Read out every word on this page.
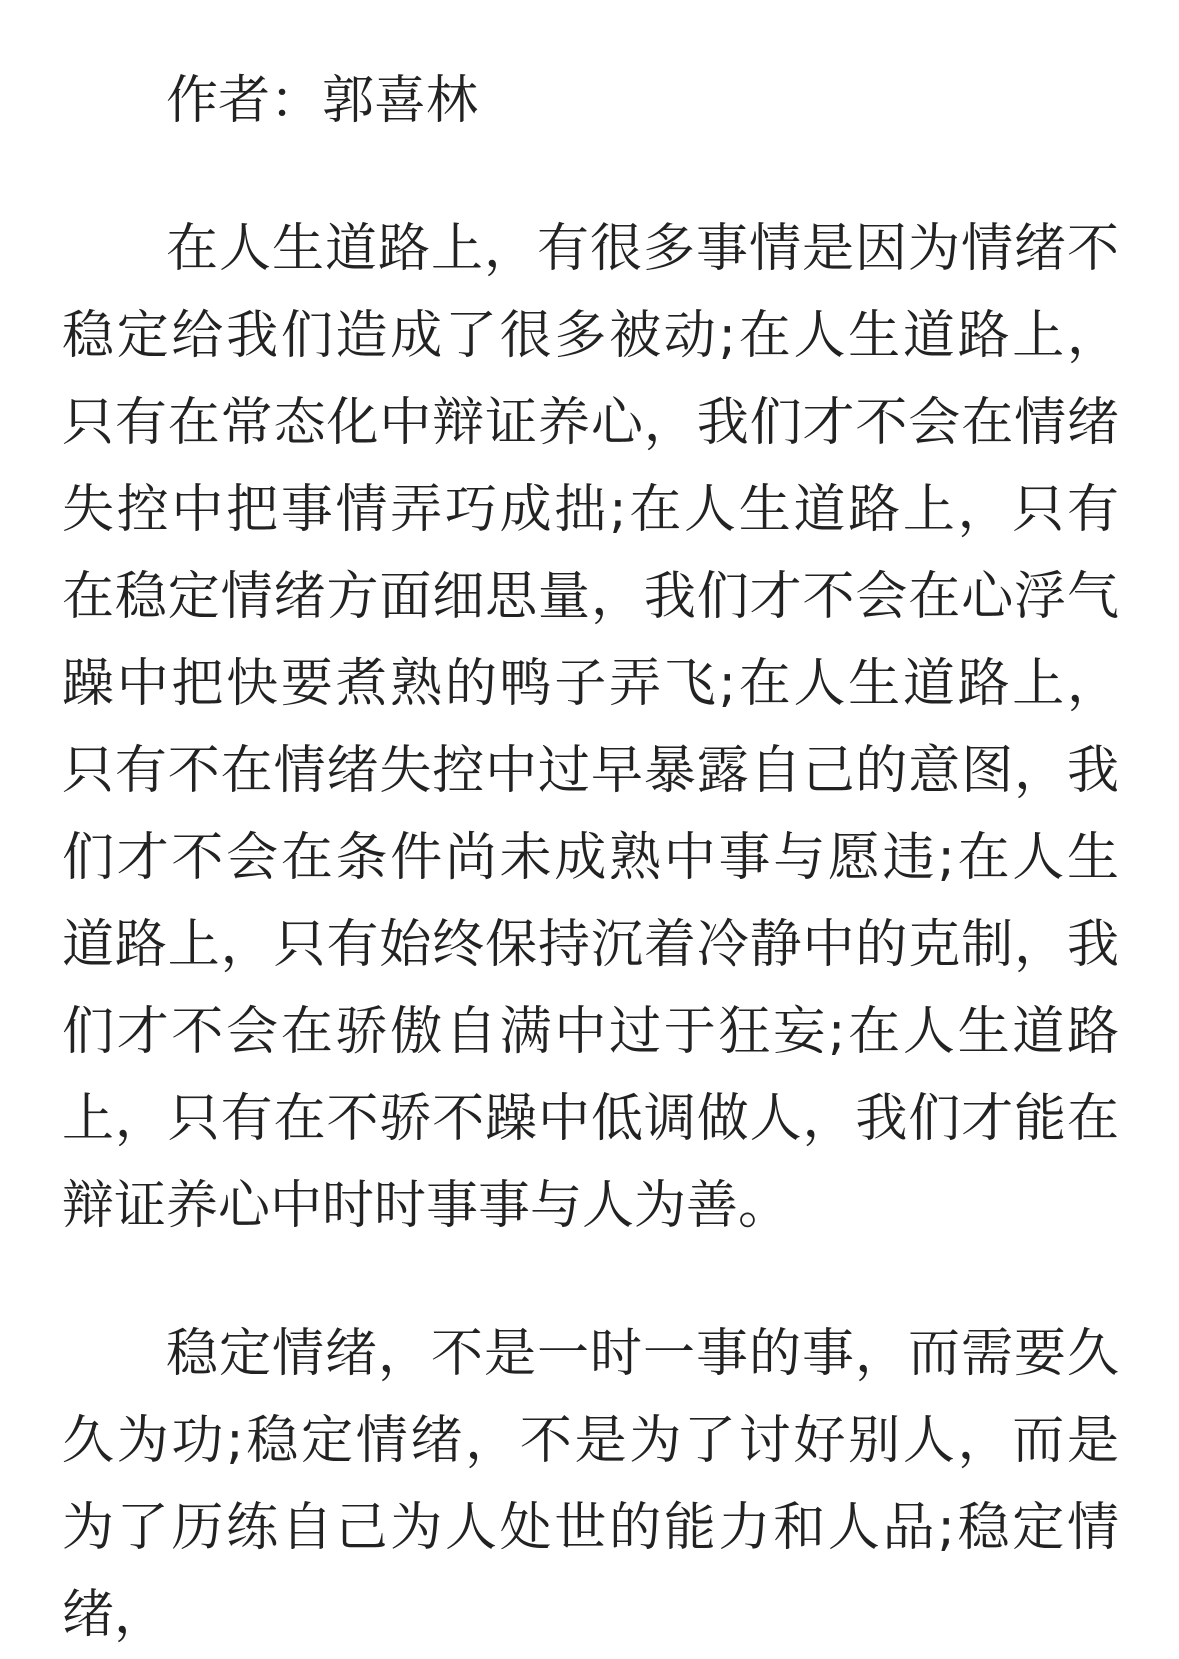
作者：郭喜林

在人生道路上，有很多事情是因为情绪不稳定给我们造成了很多被动;在人生道路上，只有在常态化中辩证养心，我们才不会在情绪失控中把事情弄巧成拙;在人生道路上，只有在稳定情绪方面细思量，我们才不会在心浮气躁中把快要煮熟的鸭子弄飞;在人生道路上，只有不在情绪失控中过早暴露自己的意图，我们才不会在条件尚未成熟中事与愿违;在人生道路上，只有始终保持沉着冷静中的克制，我们才不会在骄傲自满中过于狂妄;在人生道路上，只有在不骄不躁中低调做人，我们才能在辩证养心中时时事事与人为善。

稳定情绪，不是一时一事的事，而需要久久为功;稳定情绪，不是为了讨好别人，而是为了历练自己为人处世的能力和人品;稳定情绪，
